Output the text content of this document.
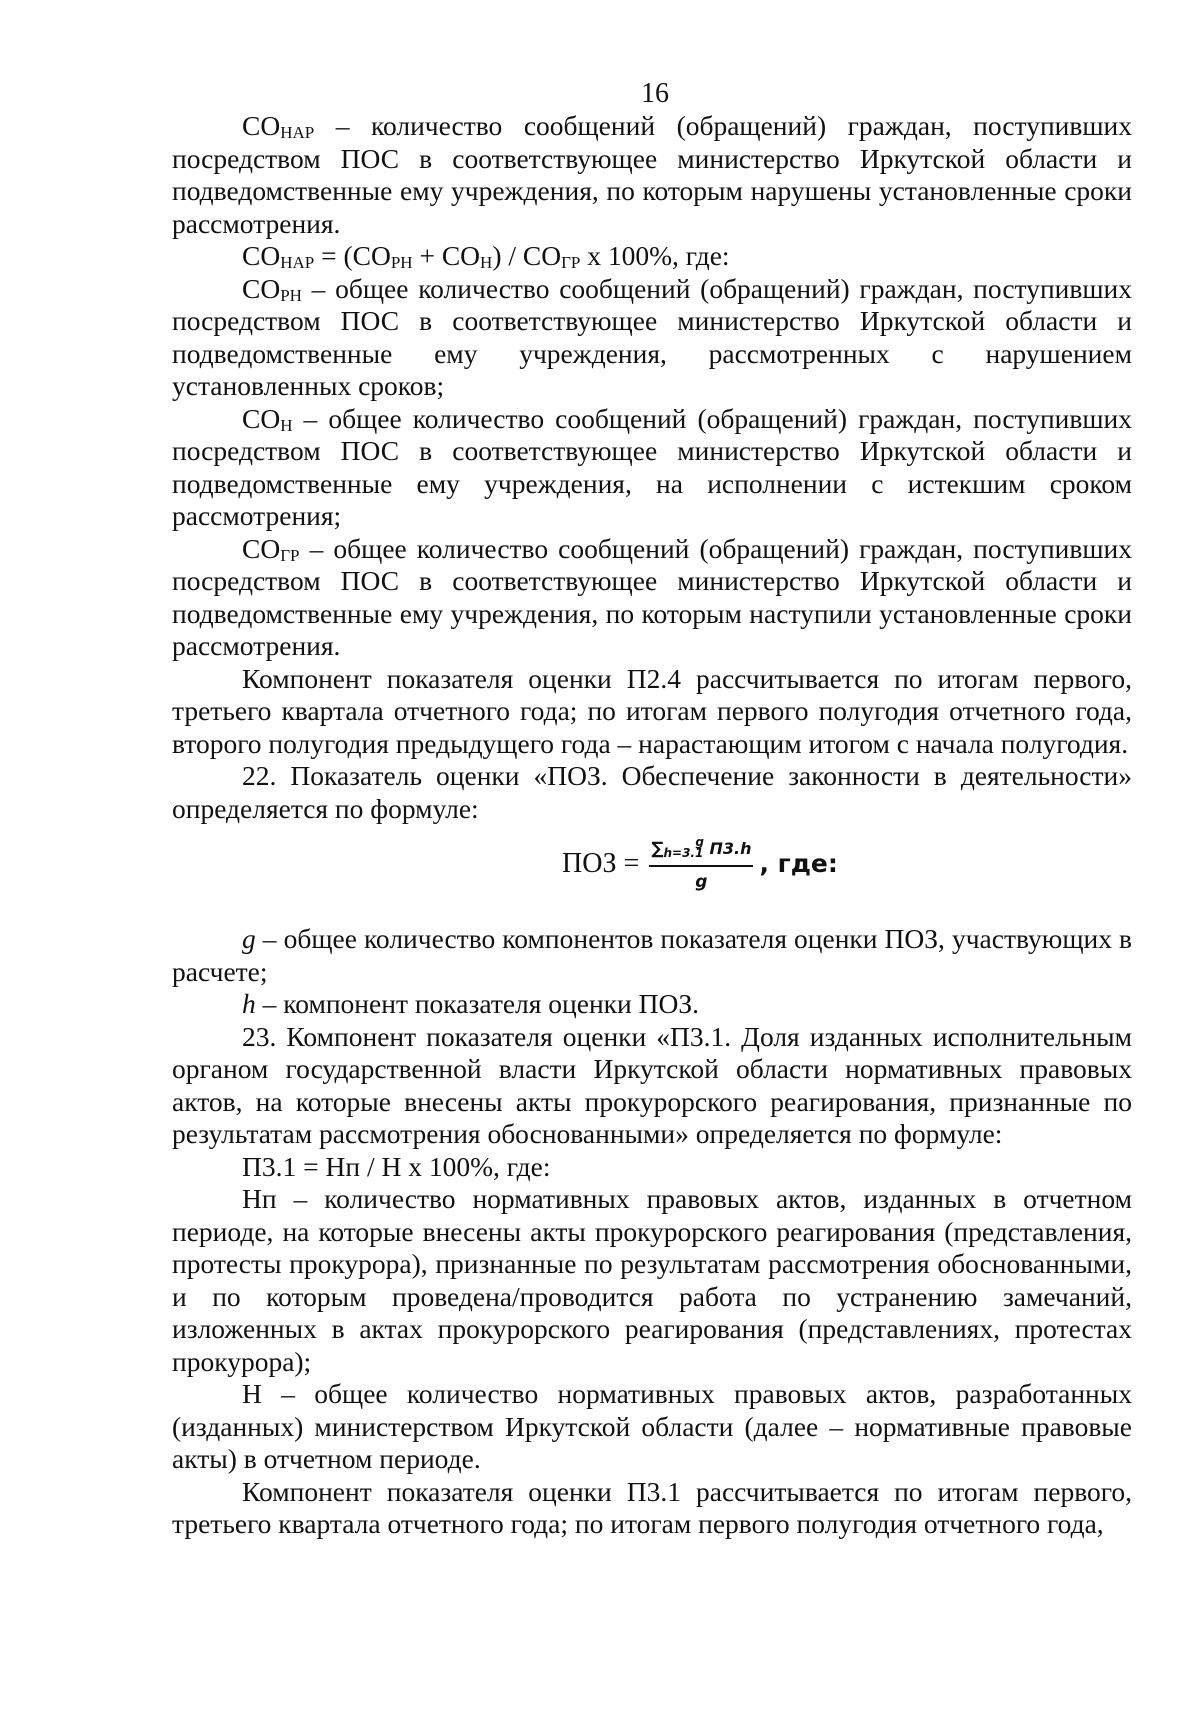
16

СОНАР – количество сообщений (обращений) граждан, поступивших посредством ПОС в соответствующее министерство Иркутской области и подведомственные ему учреждения, по которым нарушены установленные сроки рассмотрения.

СОНАР = (СОРН + СОН) / СОГР х 100%, где:

СОРН – общее количество сообщений (обращений) граждан, поступивших посредством ПОС в соответствующее министерство Иркутской области и подведомственные ему учреждения, рассмотренных с нарушением установленных сроков;

СОН – общее количество сообщений (обращений) граждан, поступивших посредством ПОС в соответствующее министерство Иркутской области и подведомственные ему учреждения, на исполнении с истекшим сроком рассмотрения;

СОГР – общее количество сообщений (обращений) граждан, поступивших посредством ПОС в соответствующее министерство Иркутской области и подведомственные ему учреждения, по которым наступили установленные сроки рассмотрения.

Компонент показателя оценки П2.4 рассчитывается по итогам первого, третьего квартала отчетного года; по итогам первого полугодия отчетного года, второго полугодия предыдущего года – нарастающим итогом с начала полугодия.

22. Показатель оценки «ПОЗ. Обеспечение законности в деятельности» определяется по формуле:

ПОЗ = $\frac{\sum h=3.1^g П3.h}{g}$ , где:

g – общее количество компонентов показателя оценки ПОЗ, участвующих в расчете;

h – компонент показателя оценки ПОЗ.

23. Компонент показателя оценки «П3.1. Доля изданных исполнительным органом государственной власти Иркутской области нормативных правовых актов, на которые внесены акты прокурорского реагирования, признанные по результатам рассмотрения обоснованными» определяется по формуле:

П3.1 = Нп / Н х 100%, где:

Нп – количество нормативных правовых актов, изданных в отчетном периоде, на которые внесены акты прокурорского реагирования (представления, протесты прокурора), признанные по результатам рассмотрения обоснованными, и по которым проведена/проводится работа по устранению замечаний, изложенных в актах прокурорского реагирования (представлениях, протестах прокурора);

Н – общее количество нормативных правовых актов, разработанных (изданных) министерством Иркутской области (далее – нормативные правовые акты) в отчетном периоде.

Компонент показателя оценки П3.1 рассчитывается по итогам первого, третьего квартала отчетного года; по итогам первого полугодия отчетного года,
